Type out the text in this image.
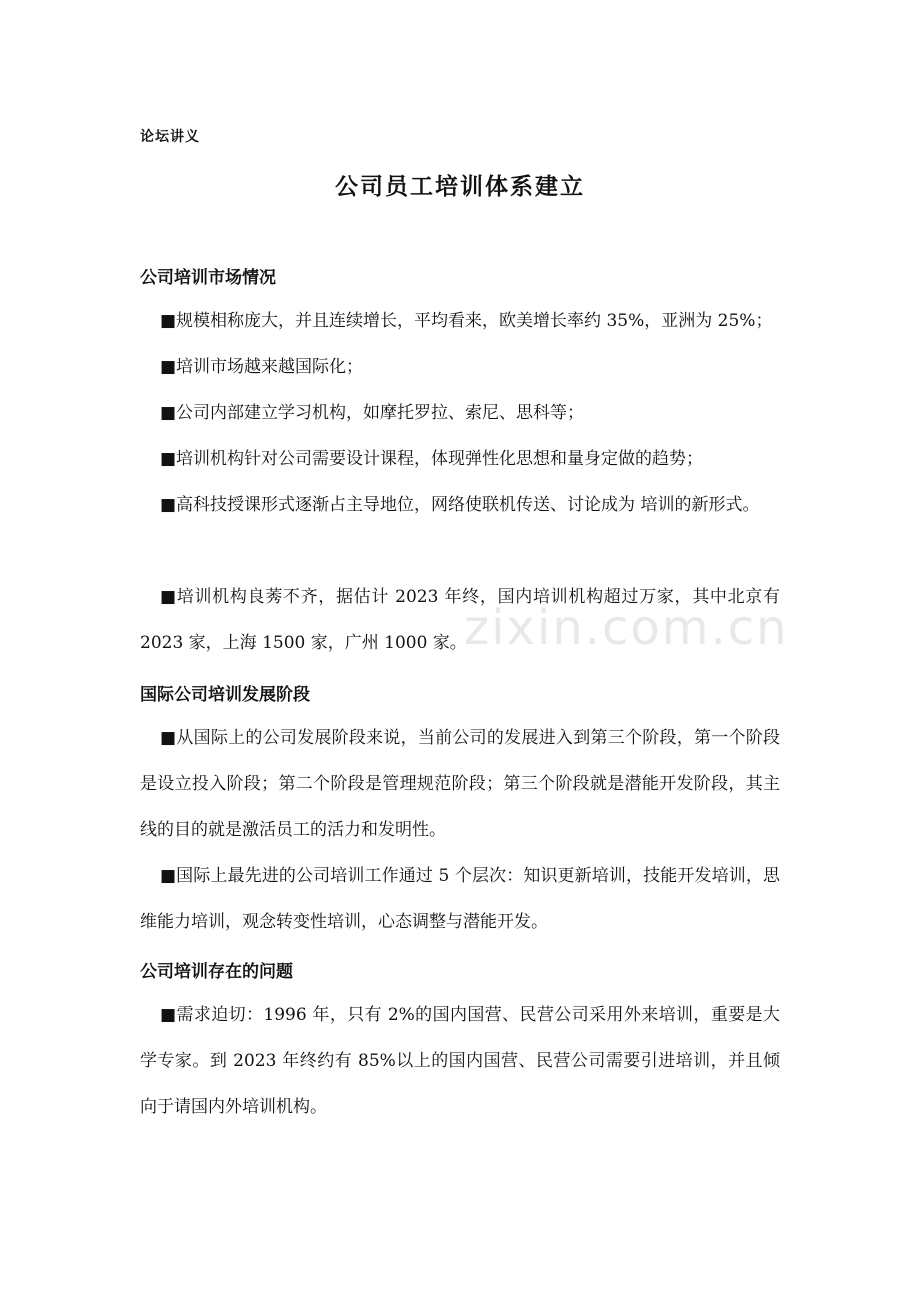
论坛讲义
公司员工培训体系建立
公司培训市场情况

■规模相称庞大，并且连续增长，平均看来，欧美增长率约 35%，亚洲为 25%；

■培训市场越来越国际化；

■公司内部建立学习机构，如摩托罗拉、索尼、思科等；

■培训机构针对公司需要设计课程，体现弹性化思想和量身定做的趋势；

■高科技授课形式逐渐占主导地位，网络使联机传送、讨论成为 培训的新形式。

■培训机构良莠不齐，据估计 2023 年终，国内培训机构超过万家，其中北京有 2023 家，上海 1500 家，广州 1000 家。

国际公司培训发展阶段

■从国际上的公司发展阶段来说，当前公司的发展进入到第三个阶段，第一个阶段是设立投入阶段；第二个阶段是管理规范阶段；第三个阶段就是潜能开发阶段，其主线的目的就是激活员工的活力和发明性。

■国际上最先进的公司培训工作通过 5 个层次：知识更新培训，技能开发培训，思维能力培训，观念转变性培训，心态调整与潜能开发。

公司培训存在的问题

■需求迫切：1996 年，只有 2%的国内国营、民营公司采用外来培训，重要是大学专家。到 2023 年终约有 85%以上的国内国营、民营公司需要引进培训，并且倾向于请国内外培训机构。

zixin.com.cn
